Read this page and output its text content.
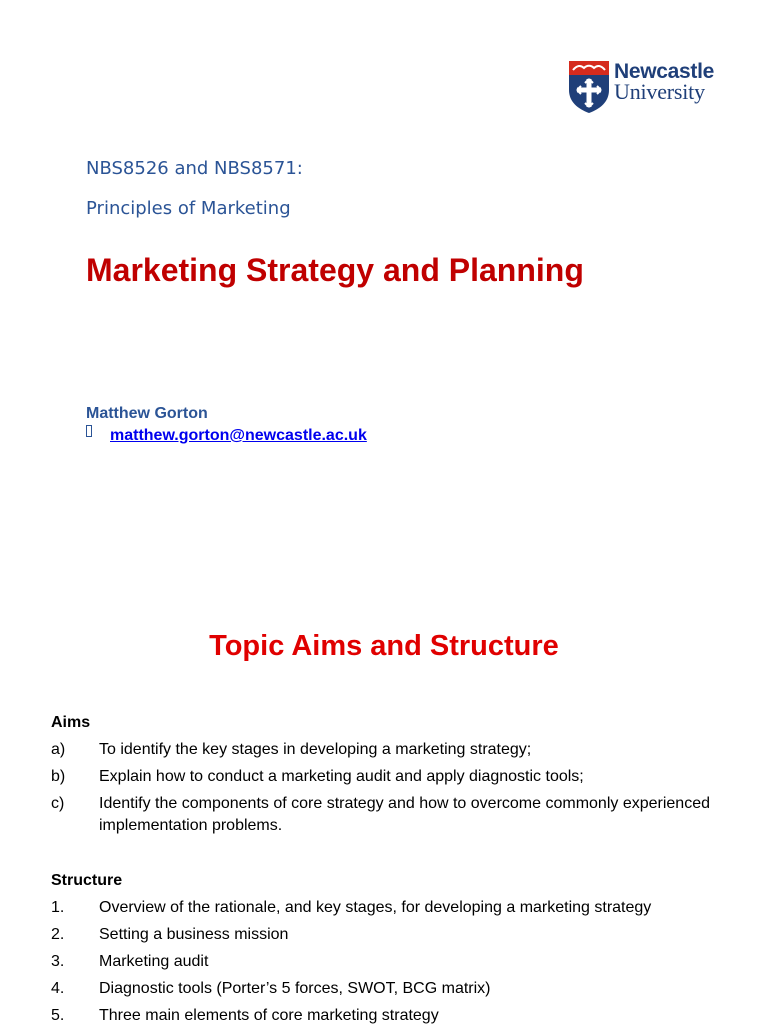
Newcastle
University
NBS8526 and NBS8571:
Principles of Marketing
Marketing Strategy and Planning
Matthew Gorton
matthew.gorton@newcastle.ac.uk
Topic Aims and Structure
Aims
a) To identify the key stages in developing a marketing strategy;
b) Explain how to conduct a marketing audit and apply diagnostic tools;
c) Identify the components of core strategy and how to overcome commonly experienced implementation problems.
Structure
1. Overview of the rationale, and key stages, for developing a marketing strategy
2. Setting a business mission
3. Marketing audit
4. Diagnostic tools (Porter’s 5 forces, SWOT, BCG matrix)
5. Three main elements of core marketing strategy
